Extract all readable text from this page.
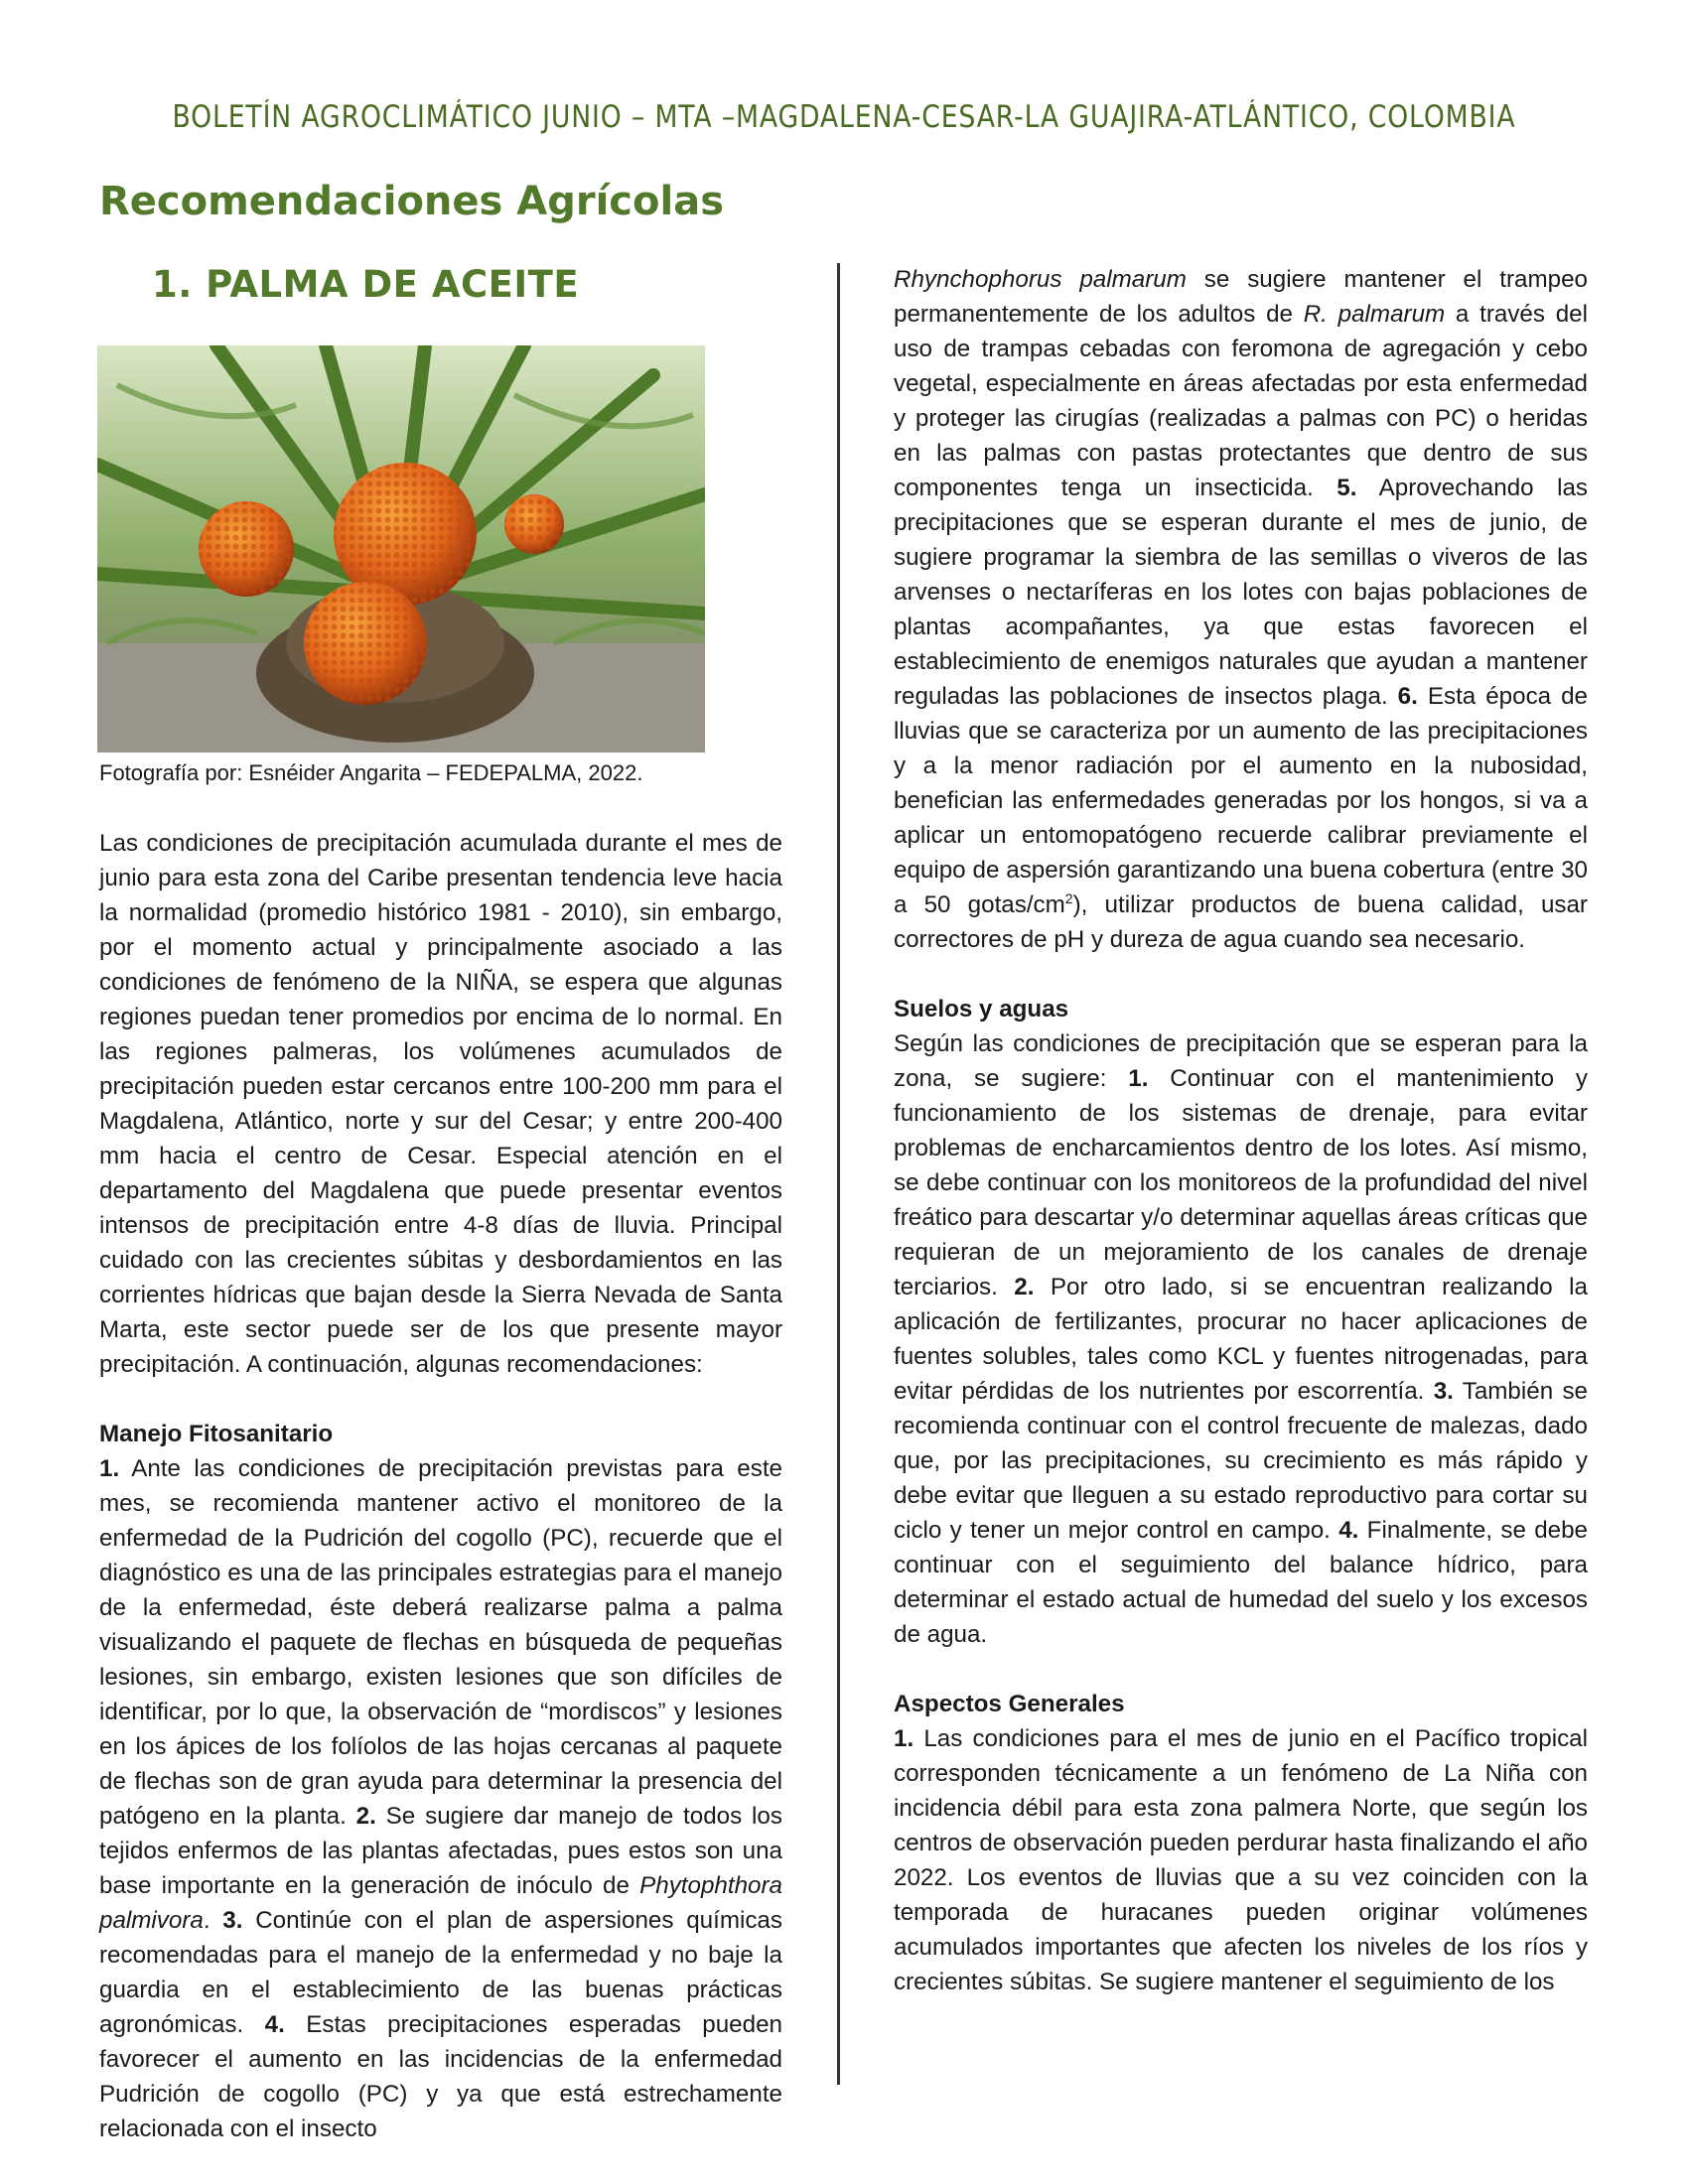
BOLETÍN AGROCLIMÁTICO JUNIO – MTA –MAGDALENA-CESAR-LA GUAJIRA-ATLÁNTICO, COLOMBIA
Recomendaciones Agrícolas
1. PALMA DE ACEITE
Fotografía por: Esnéider Angarita – FEDEPALMA, 2022.

Las condiciones de precipitación acumulada durante el mes de junio para esta zona del Caribe presentan tendencia leve hacia la normalidad (promedio histórico 1981 - 2010), sin embargo, por el momento actual y principalmente asociado a las condiciones de fenómeno de la NIÑA, se espera que algunas regiones puedan tener promedios por encima de lo normal. En las regiones palmeras, los volúmenes acumulados de precipitación pueden estar cercanos entre 100-200 mm para el Magdalena, Atlántico, norte y sur del Cesar; y entre 200-400 mm hacia el centro de Cesar. Especial atención en el departamento del Magdalena que puede presentar eventos intensos de precipitación entre 4-8 días de lluvia. Principal cuidado con las crecientes súbitas y desbordamientos en las corrientes hídricas que bajan desde la Sierra Nevada de Santa Marta, este sector puede ser de los que presente mayor precipitación. A continuación, algunas recomendaciones:

Manejo Fitosanitario

1. Ante las condiciones de precipitación previstas para este mes, se recomienda mantener activo el monitoreo de la enfermedad de la Pudrición del cogollo (PC), recuerde que el diagnóstico es una de las principales estrategias para el manejo de la enfermedad, éste deberá realizarse palma a palma visualizando el paquete de flechas en búsqueda de pequeñas lesiones, sin embargo, existen lesiones que son difíciles de identificar, por lo que, la observación de “mordiscos” y lesiones en los ápices de los folíolos de las hojas cercanas al paquete de flechas son de gran ayuda para determinar la presencia del patógeno en la planta. 2. Se sugiere dar manejo de todos los tejidos enfermos de las plantas afectadas, pues estos son una base importante en la generación de inóculo de Phytophthora palmivora. 3. Continúe con el plan de aspersiones químicas recomendadas para el manejo de la enfermedad y no baje la guardia en el establecimiento de las buenas prácticas agronómicas. 4. Estas precipitaciones esperadas pueden favorecer el aumento en las incidencias de la enfermedad Pudrición de cogollo (PC) y ya que está estrechamente relacionada con el insecto

Rhynchophorus palmarum se sugiere mantener el trampeo permanentemente de los adultos de R. palmarum a través del uso de trampas cebadas con feromona de agregación y cebo vegetal, especialmente en áreas afectadas por esta enfermedad y proteger las cirugías (realizadas a palmas con PC) o heridas en las palmas con pastas protectantes que dentro de sus componentes tenga un insecticida. 5. Aprovechando las precipitaciones que se esperan durante el mes de junio, de sugiere programar la siembra de las semillas o viveros de las arvenses o nectaríferas en los lotes con bajas poblaciones de plantas acompañantes, ya que estas favorecen el establecimiento de enemigos naturales que ayudan a mantener reguladas las poblaciones de insectos plaga. 6. Esta época de lluvias que se caracteriza por un aumento de las precipitaciones y a la menor radiación por el aumento en la nubosidad, benefician las enfermedades generadas por los hongos, si va a aplicar un entomopatógeno recuerde calibrar previamente el equipo de aspersión garantizando una buena cobertura (entre 30 a 50 gotas/$cm^2$), utilizar productos de buena calidad, usar correctores de pH y dureza de agua cuando sea necesario.

Suelos y aguas

Según las condiciones de precipitación que se esperan para la zona, se sugiere: 1. Continuar con el mantenimiento y funcionamiento de los sistemas de drenaje, para evitar problemas de encharcamientos dentro de los lotes. Así mismo, se debe continuar con los monitoreos de la profundidad del nivel freático para descartar y/o determinar aquellas áreas críticas que requieran de un mejoramiento de los canales de drenaje terciarios. 2. Por otro lado, si se encuentran realizando la aplicación de fertilizantes, procurar no hacer aplicaciones de fuentes solubles, tales como KCL y fuentes nitrogenadas, para evitar pérdidas de los nutrientes por escorrentía. 3. También se recomienda continuar con el control frecuente de malezas, dado que, por las precipitaciones, su crecimiento es más rápido y debe evitar que lleguen a su estado reproductivo para cortar su ciclo y tener un mejor control en campo. 4. Finalmente, se debe continuar con el seguimiento del balance hídrico, para determinar el estado actual de humedad del suelo y los excesos de agua.

Aspectos Generales

1. Las condiciones para el mes de junio en el Pacífico tropical corresponden técnicamente a un fenómeno de La Niña con incidencia débil para esta zona palmera Norte, que según los centros de observación pueden perdurar hasta finalizando el año 2022. Los eventos de lluvias que a su vez coinciden con la temporada de huracanes pueden originar volúmenes acumulados importantes que afecten los niveles de los ríos y crecientes súbitas. Se sugiere mantener el seguimiento de los
